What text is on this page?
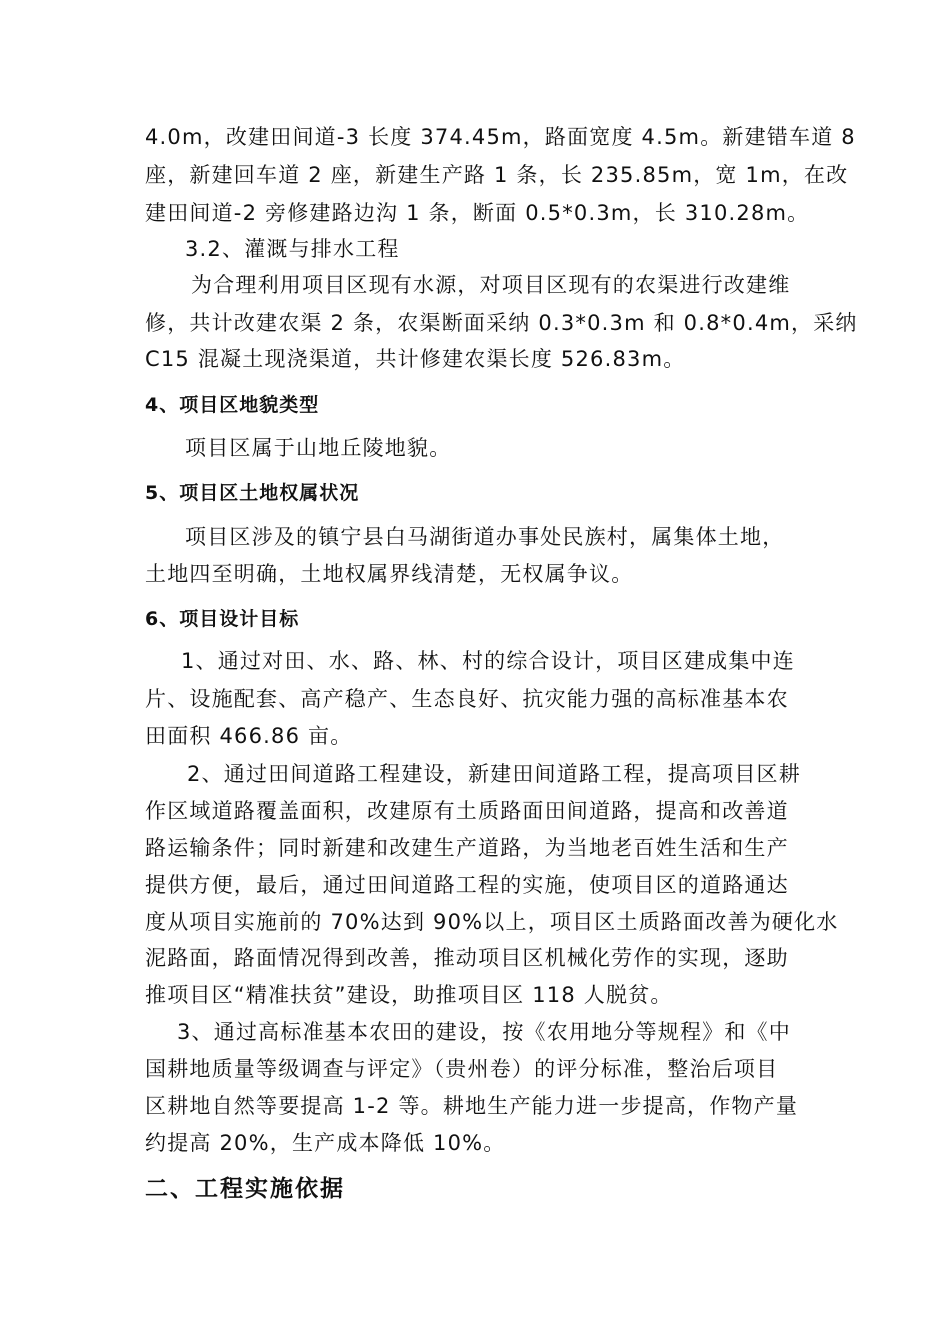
4.0m，改建田间道-3 长度 374.45m，路面宽度 4.5m。新建错车道 8
座，新建回车道 2 座，新建生产路 1 条，长 235.85m，宽 1m，在改
建田间道-2 旁修建路边沟 1 条，断面 0.5*0.3m，长 310.28m。
3.2、灌溉与排水工程
为合理利用项目区现有水源，对项目区现有的农渠进行改建维
修，共计改建农渠 2 条，农渠断面采纳 0.3*0.3m 和 0.8*0.4m，采纳
C15 混凝土现浇渠道，共计修建农渠长度 526.83m。
4、项目区地貌类型
项目区属于山地丘陵地貌。
5、项目区土地权属状况
项目区涉及的镇宁县白马湖街道办事处民族村，属集体土地，
土地四至明确，土地权属界线清楚，无权属争议。
6、项目设计目标
1、通过对田、水、路、林、村的综合设计，项目区建成集中连
片、设施配套、高产稳产、生态良好、抗灾能力强的高标准基本农
田面积 466.86 亩。
2、通过田间道路工程建设，新建田间道路工程，提高项目区耕
作区域道路覆盖面积，改建原有土质路面田间道路，提高和改善道
路运输条件；同时新建和改建生产道路，为当地老百姓生活和生产
提供方便，最后，通过田间道路工程的实施，使项目区的道路通达
度从项目实施前的 70%达到 90%以上，项目区土质路面改善为硬化水
泥路面，路面情况得到改善，推动项目区机械化劳作的实现，逐助
推项目区“精准扶贫”建设，助推项目区 118 人脱贫。
3、通过高标准基本农田的建设，按《农用地分等规程》和《中
国耕地质量等级调查与评定》（贵州卷）的评分标准，整治后项目
区耕地自然等要提高 1-2 等。耕地生产能力进一步提高，作物产量
约提高 20%，生产成本降低 10%。
二、工程实施依据
